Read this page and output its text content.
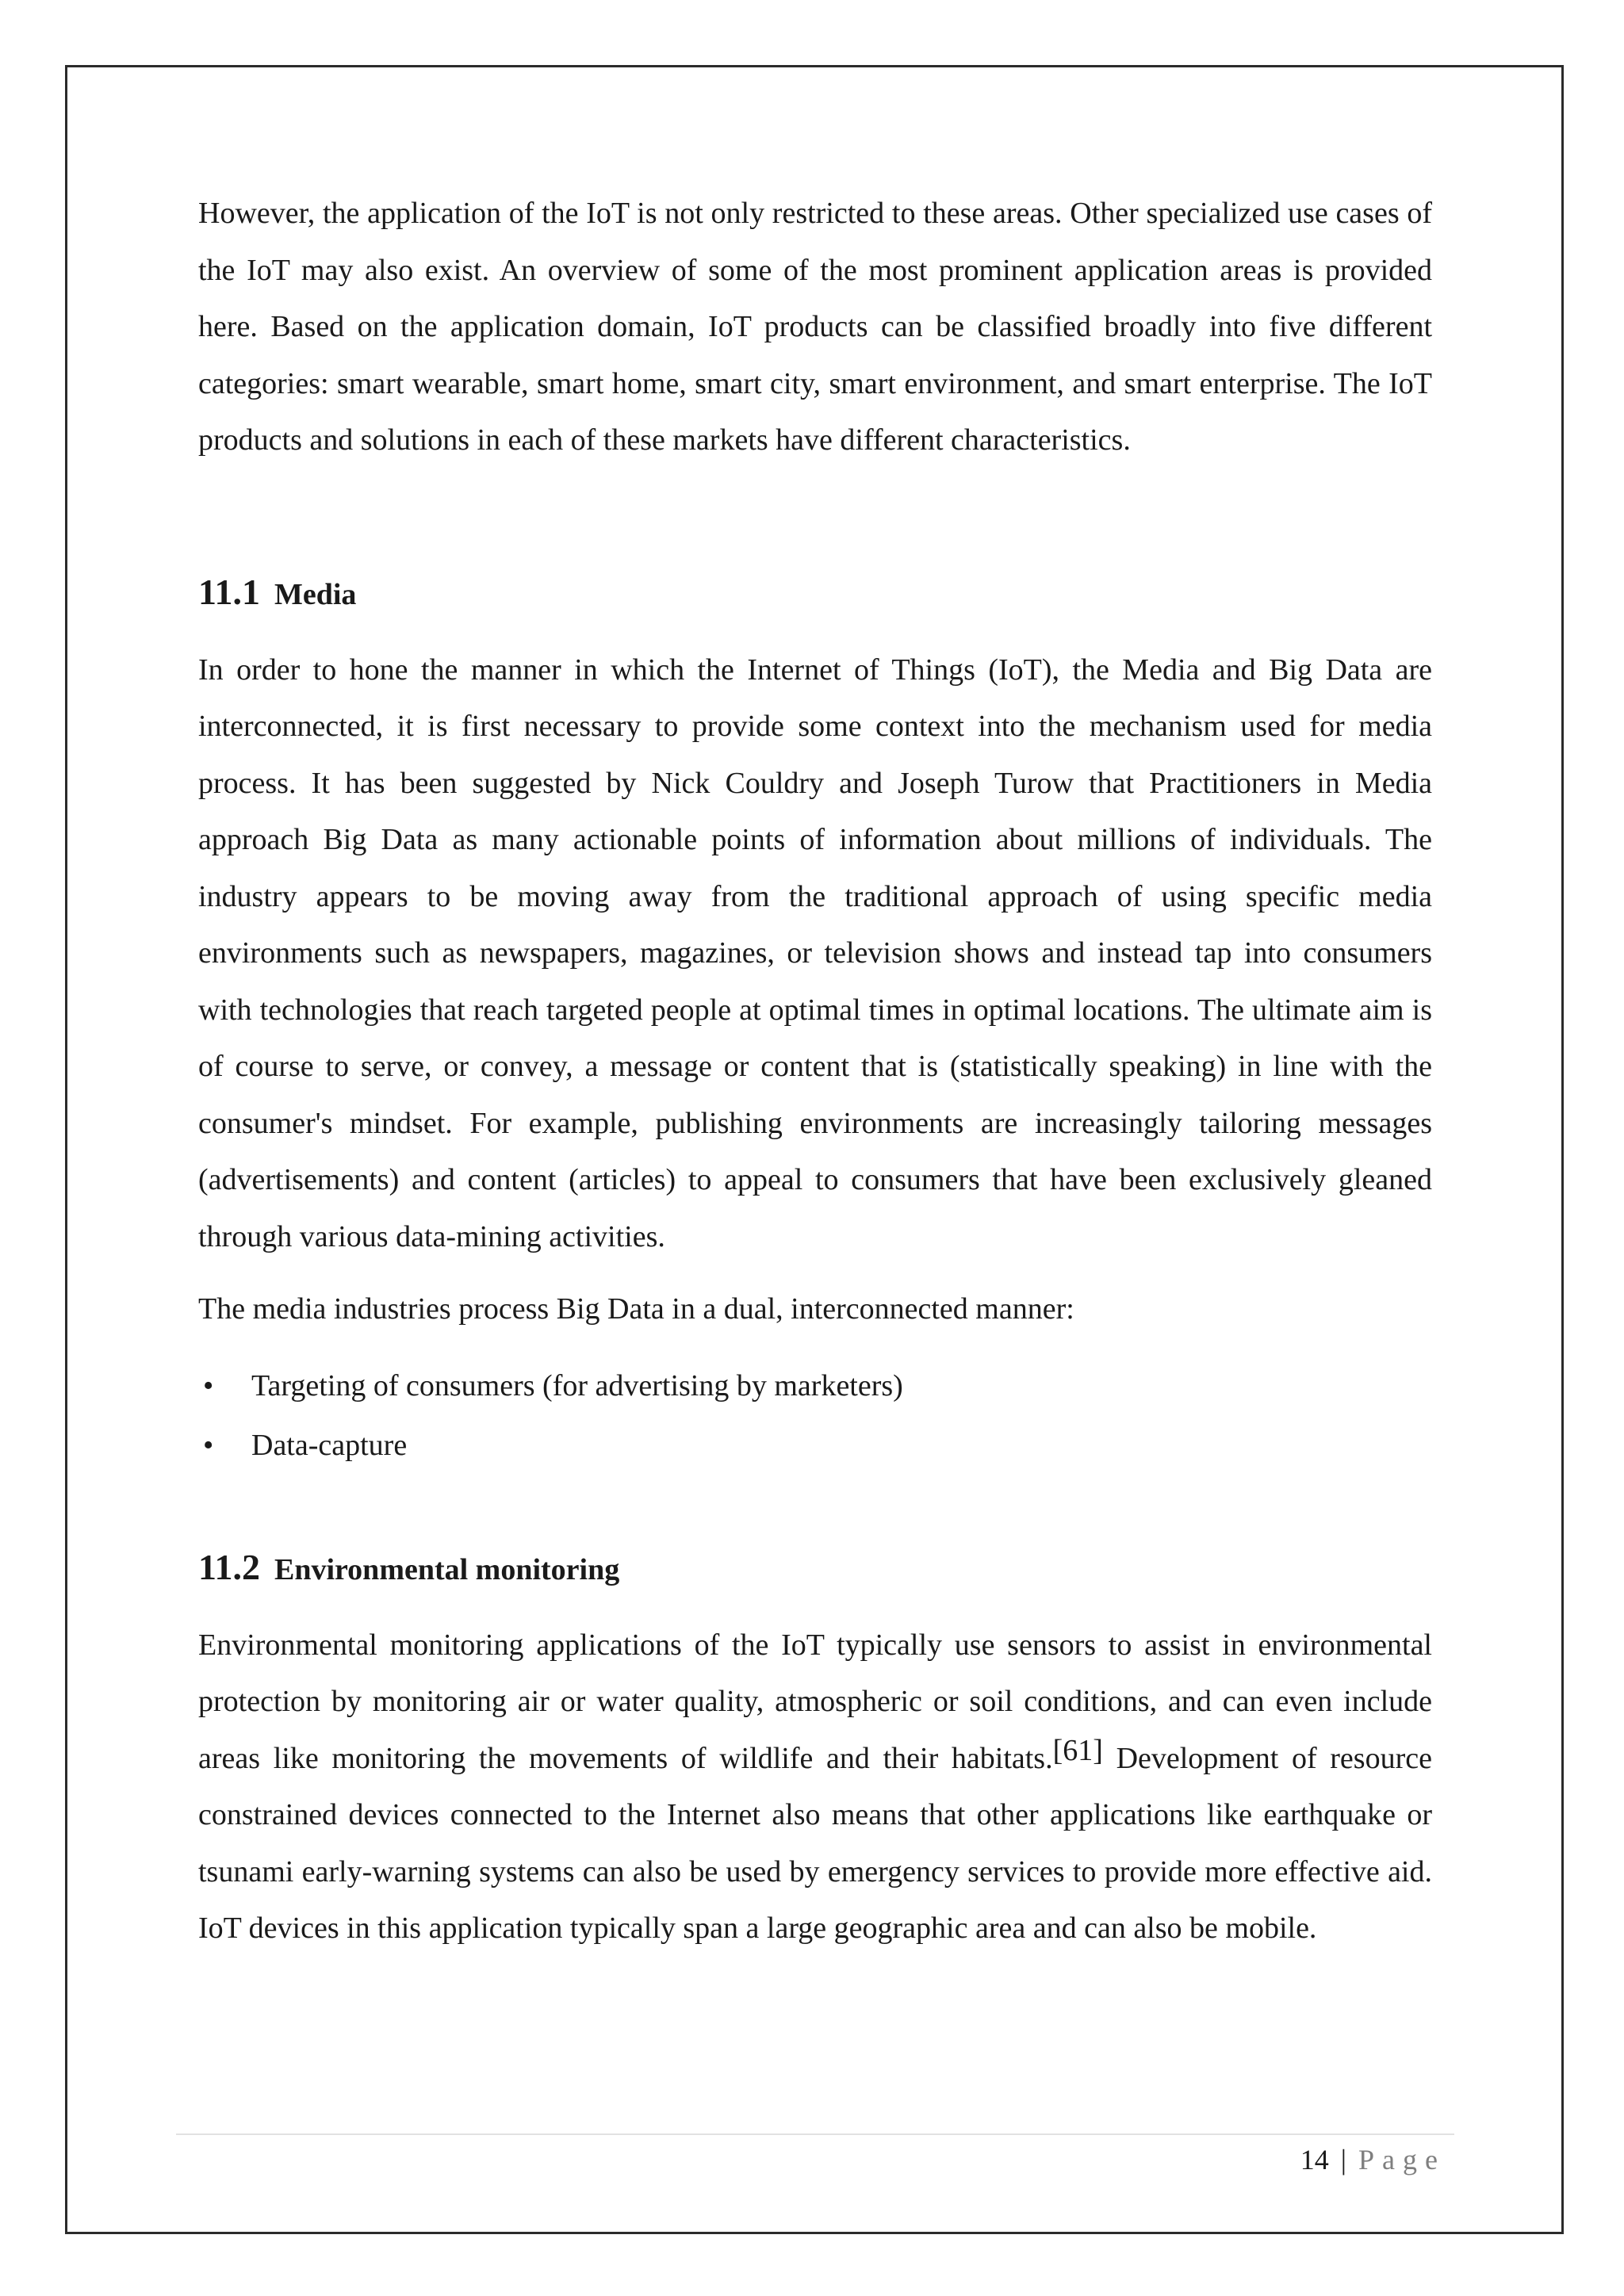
However, the application of the IoT is not only restricted to these areas. Other specialized use cases of the IoT may also exist. An overview of some of the most prominent application areas is provided here. Based on the application domain, IoT products can be classified broadly into five different categories: smart wearable, smart home, smart city, smart environment, and smart enterprise. The IoT products and solutions in each of these markets have different characteristics.

11.1 Media

In order to hone the manner in which the Internet of Things (IoT), the Media and Big Data are interconnected, it is first necessary to provide some context into the mechanism used for media process. It has been suggested by Nick Couldry and Joseph Turow that Practitioners in Media approach Big Data as many actionable points of information about millions of individuals. The industry appears to be moving away from the traditional approach of using specific media environments such as newspapers, magazines, or television shows and instead tap into consumers with technologies that reach targeted people at optimal times in optimal locations. The ultimate aim is of course to serve, or convey, a message or content that is (statistically speaking) in line with the consumer's mindset. For example, publishing environments are increasingly tailoring messages (advertisements) and content (articles) to appeal to consumers that have been exclusively gleaned through various data-mining activities.

The media industries process Big Data in a dual, interconnected manner:

•	Targeting of consumers (for advertising by marketers)
•	Data-capture
11.2 Environmental monitoring

Environmental monitoring applications of the IoT typically use sensors to assist in environmental protection by monitoring air or water quality, atmospheric or soil conditions, and can even include areas like monitoring the movements of wildlife and their habitats.[61] Development of resource constrained devices connected to the Internet also means that other applications like earthquake or tsunami early-warning systems can also be used by emergency services to provide more effective aid. IoT devices in this application typically span a large geographic area and can also be mobile.

14 | Page
